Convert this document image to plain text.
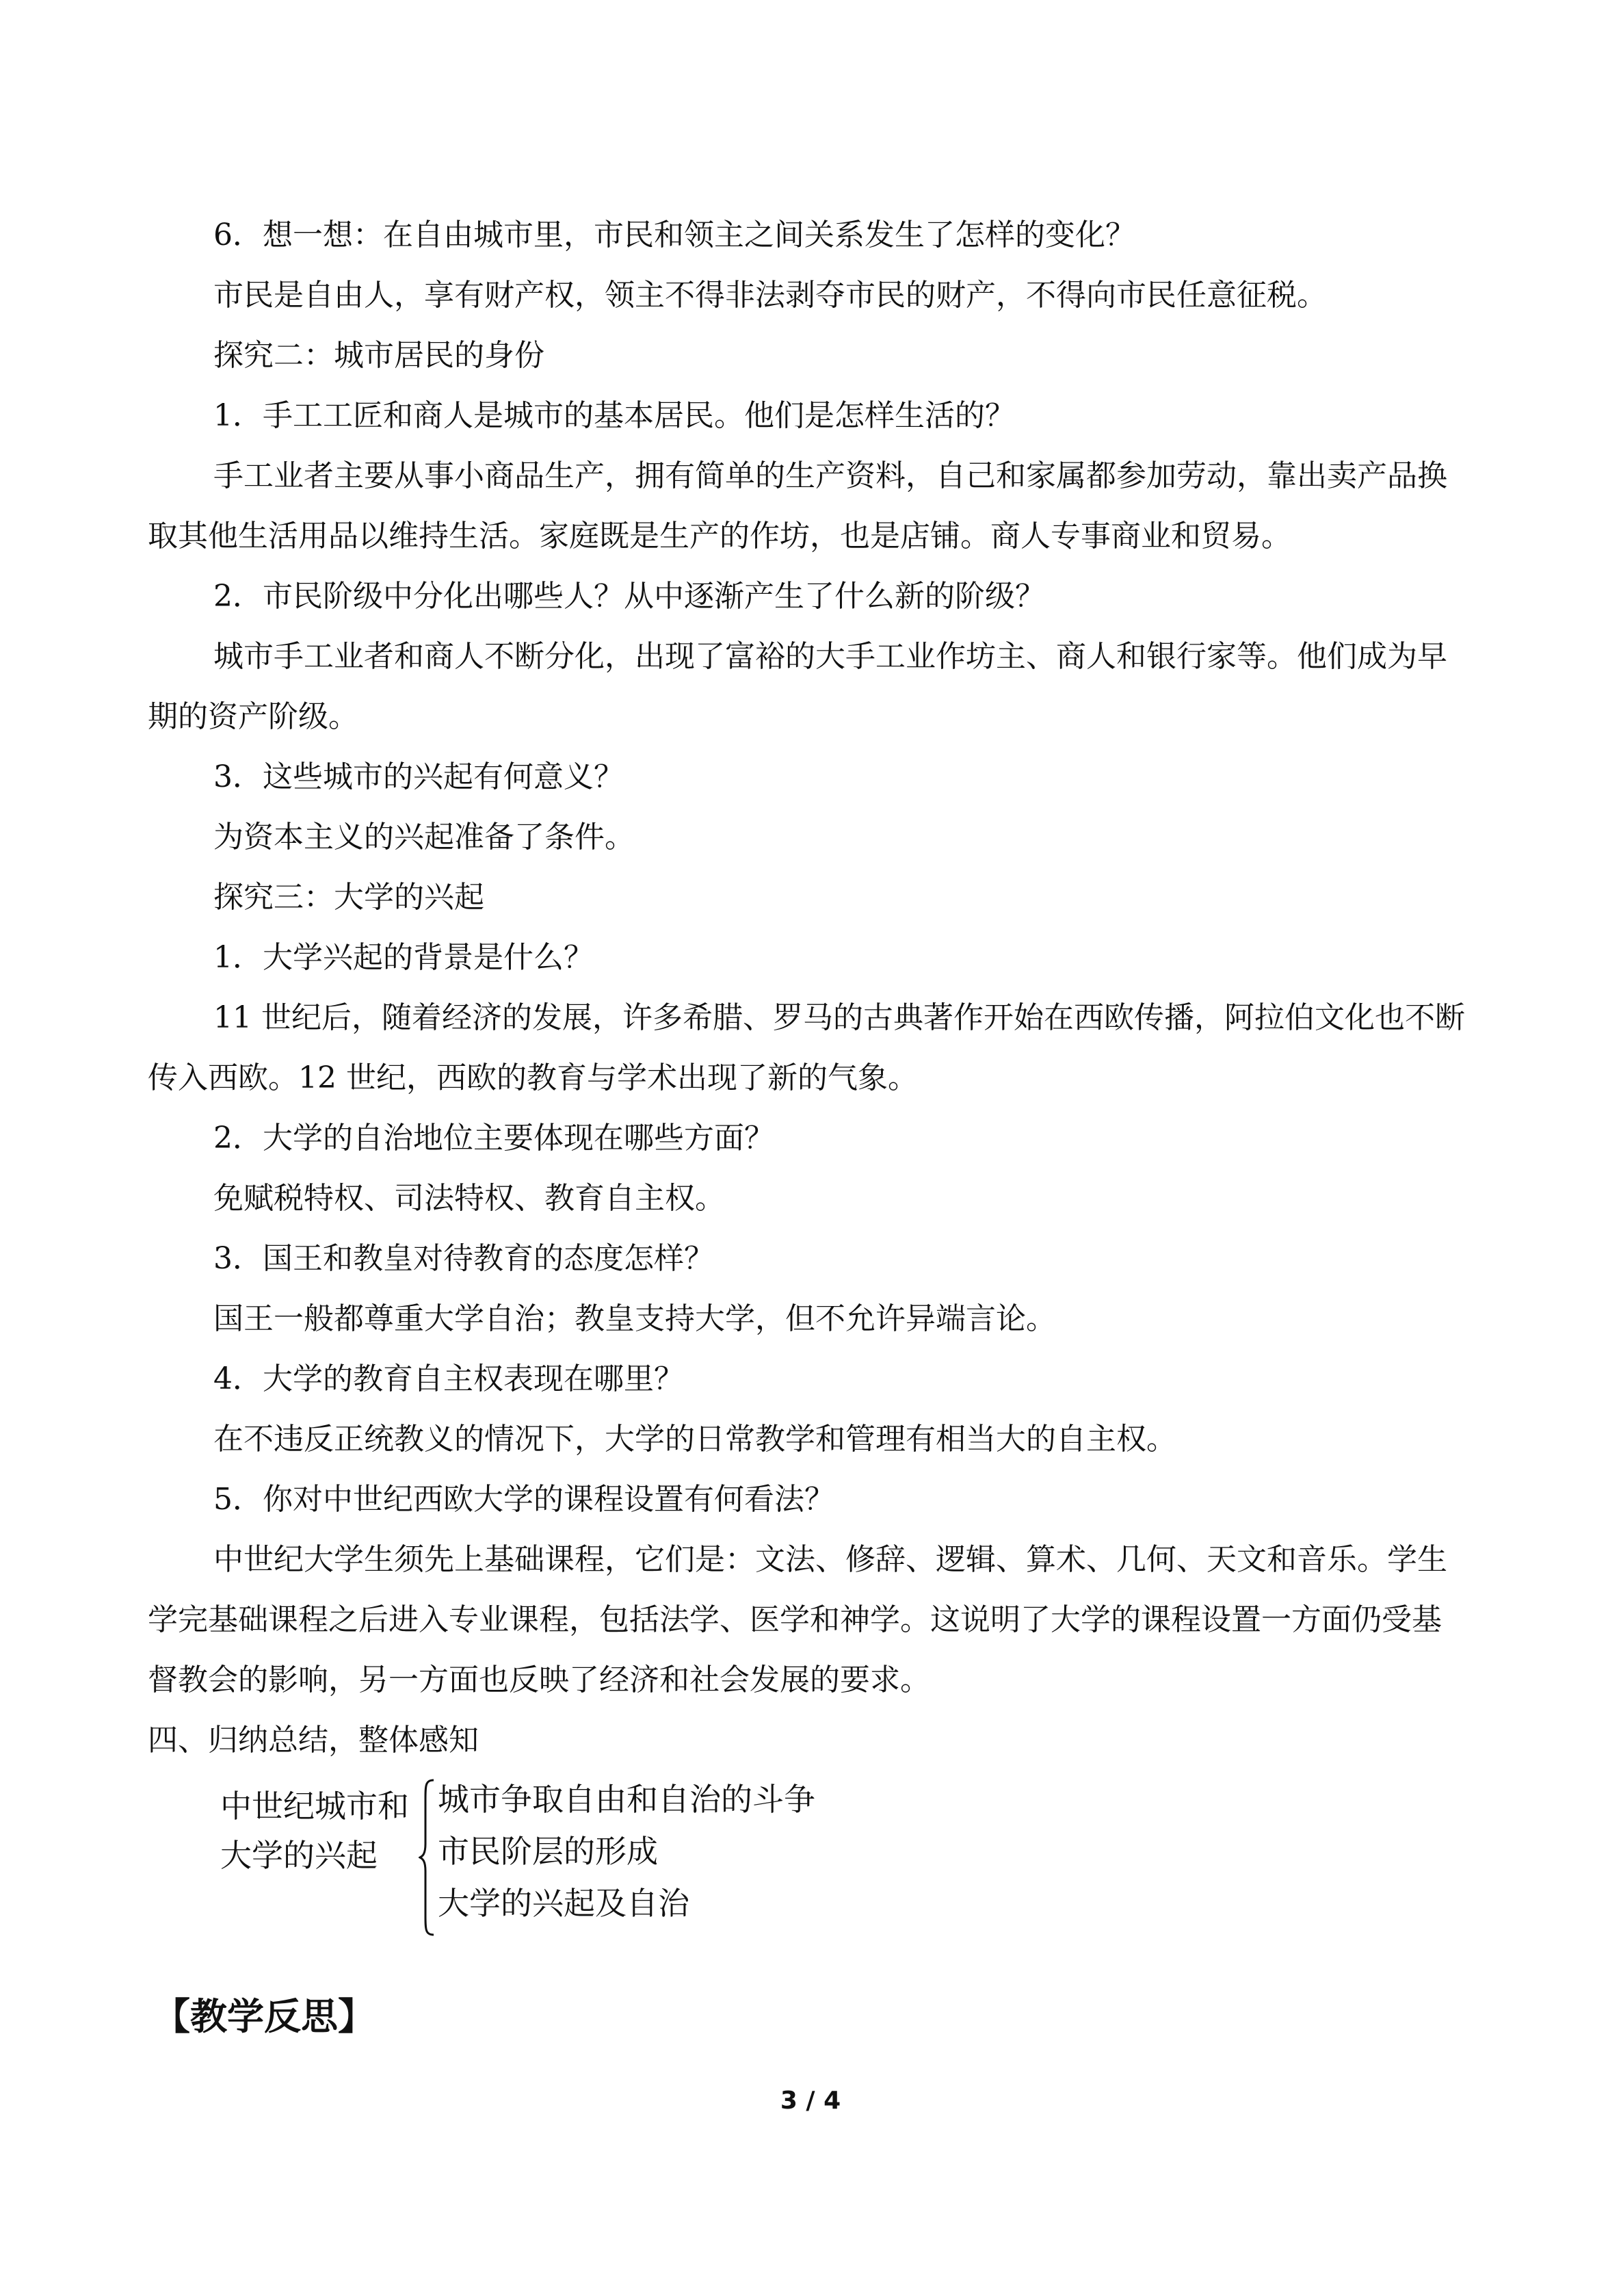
6．想一想：在自由城市里，市民和领主之间关系发生了怎样的变化？

市民是自由人，享有财产权，领主不得非法剥夺市民的财产，不得向市民任意征税。

探究二：城市居民的身份

1．手工工匠和商人是城市的基本居民。他们是怎样生活的？

手工业者主要从事小商品生产，拥有简单的生产资料，自己和家属都参加劳动，靠出卖产品换取其他生活用品以维持生活。家庭既是生产的作坊，也是店铺。商人专事商业和贸易。

2．市民阶级中分化出哪些人？从中逐渐产生了什么新的阶级？

城市手工业者和商人不断分化，出现了富裕的大手工业作坊主、商人和银行家等。他们成为早期的资产阶级。

3．这些城市的兴起有何意义？

为资本主义的兴起准备了条件。

探究三：大学的兴起

1．大学兴起的背景是什么？

11 世纪后，随着经济的发展，许多希腊、罗马的古典著作开始在西欧传播，阿拉伯文化也不断传入西欧。12 世纪，西欧的教育与学术出现了新的气象。

2．大学的自治地位主要体现在哪些方面？

免赋税特权、司法特权、教育自主权。

3．国王和教皇对待教育的态度怎样？

国王一般都尊重大学自治；教皇支持大学，但不允许异端言论。

4．大学的教育自主权表现在哪里？

在不违反正统教义的情况下，大学的日常教学和管理有相当大的自主权。

5．你对中世纪西欧大学的课程设置有何看法？

中世纪大学生须先上基础课程，它们是：文法、修辞、逻辑、算术、几何、天文和音乐。学生学完基础课程之后进入专业课程，包括法学、医学和神学。这说明了大学的课程设置一方面仍受基督教会的影响，另一方面也反映了经济和社会发展的要求。

四、归纳总结，整体感知

中世纪城市和
大学的兴起
城市争取自由和自治的斗争
市民阶层的形成
大学的兴起及自治
【教学反思】
3 / 4
